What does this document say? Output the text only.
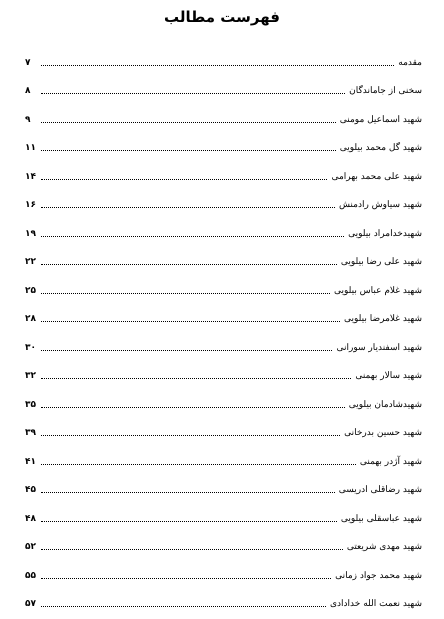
فهرست مطالب
مقدمه
۷
سخنی از جاماندگان
۸
شهید اسماعیل مومنی
۹
شهید گل محمد بیلویی
۱۱
شهید علی محمد بهرامی
۱۴
شهید سیاوش رادمنش
۱۶
شهیدخدامراد بیلویی
۱۹
شهید علی رضا بیلویی
۲۲
شهید غلام عباس بیلویی
۲۵
شهید غلامرضا بیلویی
۲۸
شهید اسفندیار سورانی
۳۰
شهید سالار بهمنی
۳۲
شهیدشادمان بیلویی
۳۵
شهید حسین بدرخانی
۳۹
شهید آژدر بهمنی
۴۱
شهید رضاقلی ادریسی
۴۵
شهید عباسقلی بیلویی
۴۸
شهید مهدی شریعتی
۵۲
شهید محمد جواد زمانی
۵۵
شهید نعمت الله خدادادی
۵۷
